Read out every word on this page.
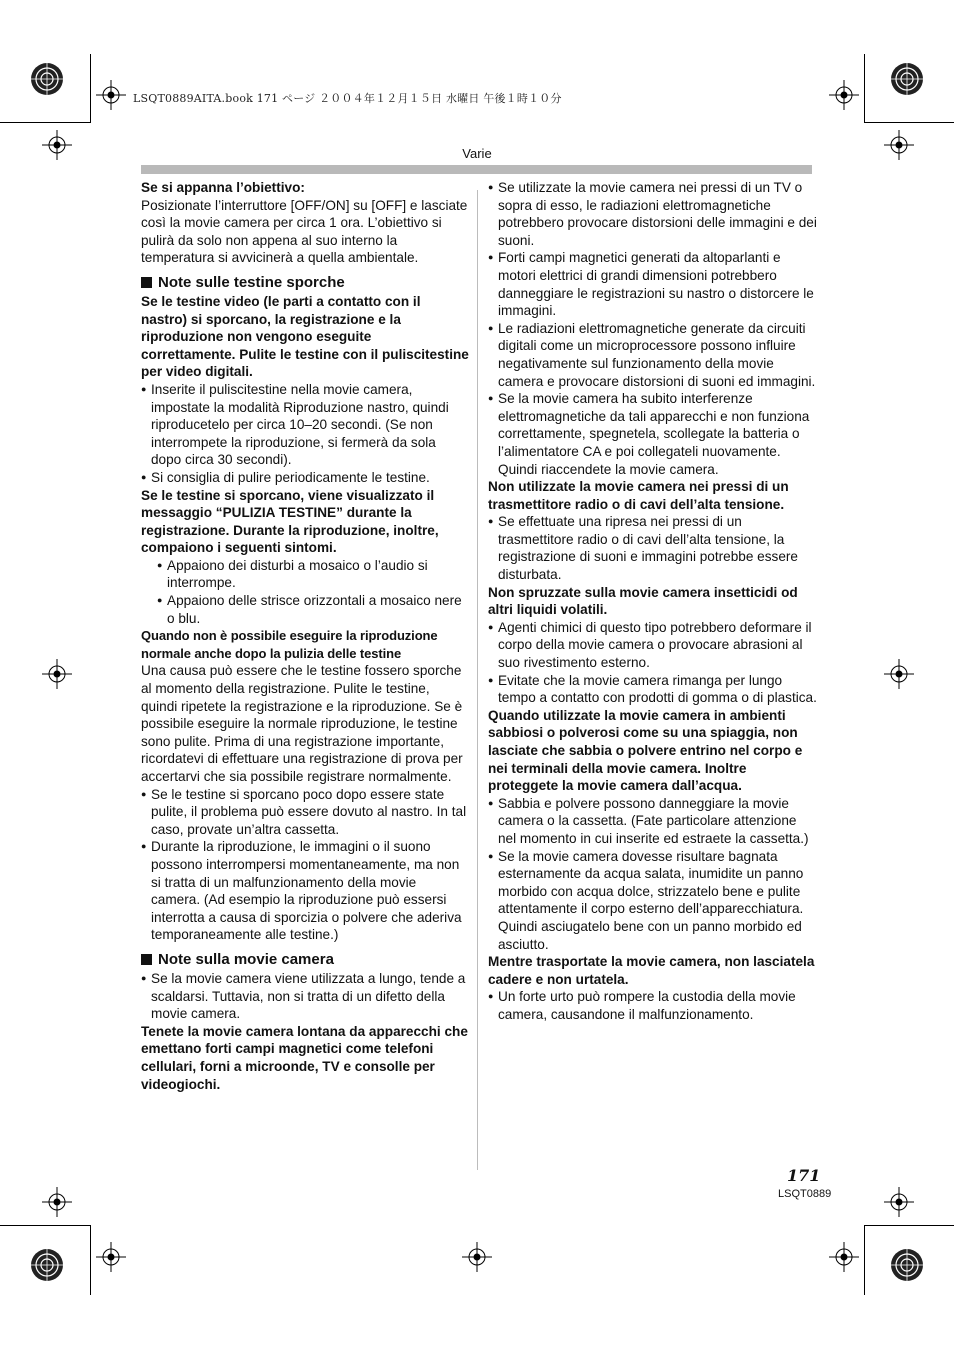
LSQT0889AITA.book 171 ページ ２００４年１２月１５日 水曜日 午後１時１０分
Varie

Se si appanna l’obiettivo:

Posizionate l’interruttore [OFF/ON] su [OFF] e lasciate così la movie camera per circa 1 ora. L’obiettivo si pulirà da solo non appena al suo interno la temperatura si avvicinerà a quella ambientale.

Note sulle testine sporche

Se le testine video (le parti a contatto con il nastro) si sporcano, la registrazione e la riproduzione non vengono eseguite correttamente. Pulite le testine con il puliscitestine per video digitali.

● Inserite il puliscitestine nella movie camera, impostate la modalità Riproduzione nastro, quindi riproducetelo per circa 10–20 secondi. (Se non interrompete la riproduzione, si fermerà da sola dopo circa 30 secondi).
● Si consiglia di pulire periodicamente le testine.

Se le testine si sporcano, viene visualizzato il messaggio “PULIZIA TESTINE” durante la registrazione. Durante la riproduzione, inoltre, compaiono i seguenti sintomi.

● Appaiono dei disturbi a mosaico o l’audio si interrompe.
● Appaiono delle strisce orizzontali a mosaico nere o blu.

Quando non è possibile eseguire la riproduzione normale anche dopo la pulizia delle testine

Una causa può essere che le testine fossero sporche al momento della registrazione. Pulite le testine, quindi ripetete la registrazione e la riproduzione. Se è possibile eseguire la normale riproduzione, le testine sono pulite. Prima di una registrazione importante, ricordatevi di effettuare una registrazione di prova per accertarvi che sia possibile registrare normalmente.

● Se le testine si sporcano poco dopo essere state pulite, il problema può essere dovuto al nastro. In tal caso, provate un’altra cassetta.
● Durante la riproduzione, le immagini o il suono possono interrompersi momentaneamente, ma non si tratta di un malfunzionamento della movie camera. (Ad esempio la riproduzione può essersi interrotta a causa di sporcizia o polvere che aderiva temporaneamente alle testine.)

Note sulla movie camera

● Se la movie camera viene utilizzata a lungo, tende a scaldarsi. Tuttavia, non si tratta di un difetto della movie camera.

Tenete la movie camera lontana da apparecchi che emettano forti campi magnetici come telefoni cellulari, forni a microonde, TV e consolle per videogiochi.

● Se utilizzate la movie camera nei pressi di un TV o sopra di esso, le radiazioni elettromagnetiche potrebbero provocare distorsioni delle immagini e dei suoni.
● Forti campi magnetici generati da altoparlanti e motori elettrici di grandi dimensioni potrebbero danneggiare le registrazioni su nastro o distorcere le immagini.
● Le radiazioni elettromagnetiche generate da circuiti digitali come un microprocessore possono influire negativamente sul funzionamento della movie camera e provocare distorsioni di suoni ed immagini.
● Se la movie camera ha subito interferenze elettromagnetiche da tali apparecchi e non funziona correttamente, spegnetela, scollegate la batteria o l’alimentatore CA e poi collegateli nuovamente. Quindi riaccendete la movie camera.

Non utilizzate la movie camera nei pressi di un trasmettitore radio o di cavi dell’alta tensione.

● Se effettuate una ripresa nei pressi di un trasmettitore radio o di cavi dell’alta tensione, la registrazione di suoni e immagini potrebbe essere disturbata.

Non spruzzate sulla movie camera insetticidi od altri liquidi volatili.

● Agenti chimici di questo tipo potrebbero deformare il corpo della movie camera o provocare abrasioni al suo rivestimento esterno.
● Evitate che la movie camera rimanga per lungo tempo a contatto con prodotti di gomma o di plastica.

Quando utilizzate la movie camera in ambienti sabbiosi o polverosi come su una spiaggia, non lasciate che sabbia o polvere entrino nel corpo e nei terminali della movie camera. Inoltre proteggete la movie camera dall’acqua.

● Sabbia e polvere possono danneggiare la movie camera o la cassetta. (Fate particolare attenzione nel momento in cui inserite ed estraete la cassetta.)
● Se la movie camera dovesse risultare bagnata esternamente da acqua salata, inumidite un panno morbido con acqua dolce, strizzatelo bene e pulite attentamente il corpo esterno dell’apparecchiatura. Quindi asciugatelo bene con un panno morbido ed asciutto.

Mentre trasportate la movie camera, non lasciatela cadere e non urtatela.

● Un forte urto può rompere la custodia della movie camera, causandone il malfunzionamento.
171
LSQT0889
